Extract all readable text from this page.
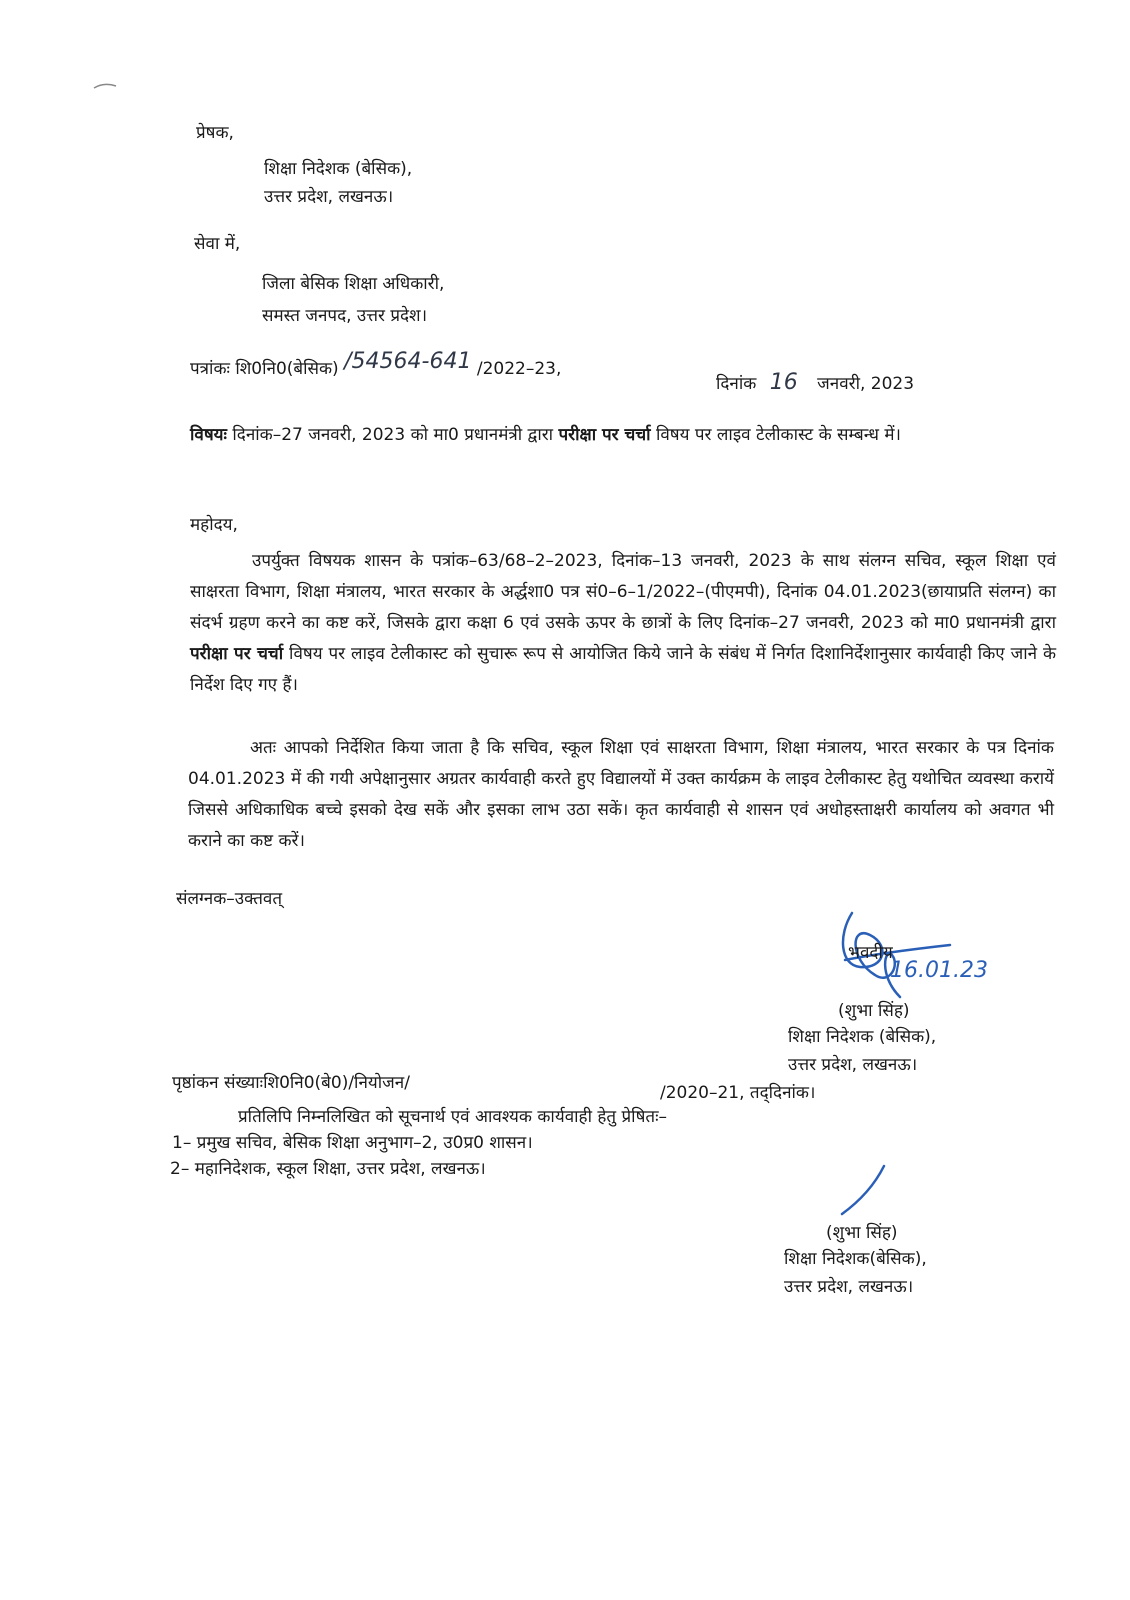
प्रेषक,
शिक्षा निदेशक (बेसिक),
उत्तर प्रदेश, लखनऊ।
सेवा में,
जिला बेसिक शिक्षा अधिकारी,
समस्त जनपद, उत्तर प्रदेश।
पत्रांकः शि0नि0(बेसिक) /54564-641 /2022–23,
दिनांक 16 जनवरी, 2023
विषयः दिनांक–27 जनवरी, 2023 को मा0 प्रधानमंत्री द्वारा परीक्षा पर चर्चा विषय पर लाइव टेलीकास्ट के सम्बन्ध में।
महोदय,
उपर्युक्त विषयक शासन के पत्रांक–63/68–2–2023, दिनांक–13 जनवरी, 2023 के साथ संलग्न सचिव, स्कूल शिक्षा एवं साक्षरता विभाग, शिक्षा मंत्रालय, भारत सरकार के अर्द्धशा0 पत्र सं0–6–1/2022–(पीएमपी), दिनांक 04.01.2023(छायाप्रति संलग्न) का संदर्भ ग्रहण करने का कष्ट करें, जिसके द्वारा कक्षा 6 एवं उसके ऊपर के छात्रों के लिए दिनांक–27 जनवरी, 2023 को मा0 प्रधानमंत्री द्वारा परीक्षा पर चर्चा विषय पर लाइव टेलीकास्ट को सुचारू रूप से आयोजित किये जाने के संबंध में निर्गत दिशानिर्देशानुसार कार्यवाही किए जाने के निर्देश दिए गए हैं।
अतः आपको निर्देशित किया जाता है कि सचिव, स्कूल शिक्षा एवं साक्षरता विभाग, शिक्षा मंत्रालय, भारत सरकार के पत्र दिनांक 04.01.2023 में की गयी अपेक्षानुसार अग्रतर कार्यवाही करते हुए विद्यालयों में उक्त कार्यक्रम के लाइव टेलीकास्ट हेतु यथोचित व्यवस्था करायें जिससे अधिकाधिक बच्चे इसको देख सकें और इसका लाभ उठा सकें। कृत कार्यवाही से शासन एवं अधोहस्ताक्षरी कार्यालय को अवगत भी कराने का कष्ट करें।
संलग्नक–उक्तवत्
भवदीय
16.01.23
(शुभा सिंह)
शिक्षा निदेशक (बेसिक),
उत्तर प्रदेश, लखनऊ।
पृष्ठांकन संख्याःशि0नि0(बे0)/नियोजन/	/2020–21, तद्‌दिनांक।
प्रतिलिपि निम्नलिखित को सूचनार्थ एवं आवश्यक कार्यवाही हेतु प्रेषितः–
1– प्रमुख सचिव, बेसिक शिक्षा अनुभाग–2, उ0प्र0 शासन।
2– महानिदेशक, स्कूल शिक्षा, उत्तर प्रदेश, लखनऊ।
(शुभा सिंह)
शिक्षा निदेशक(बेसिक),
उत्तर प्रदेश, लखनऊ।
